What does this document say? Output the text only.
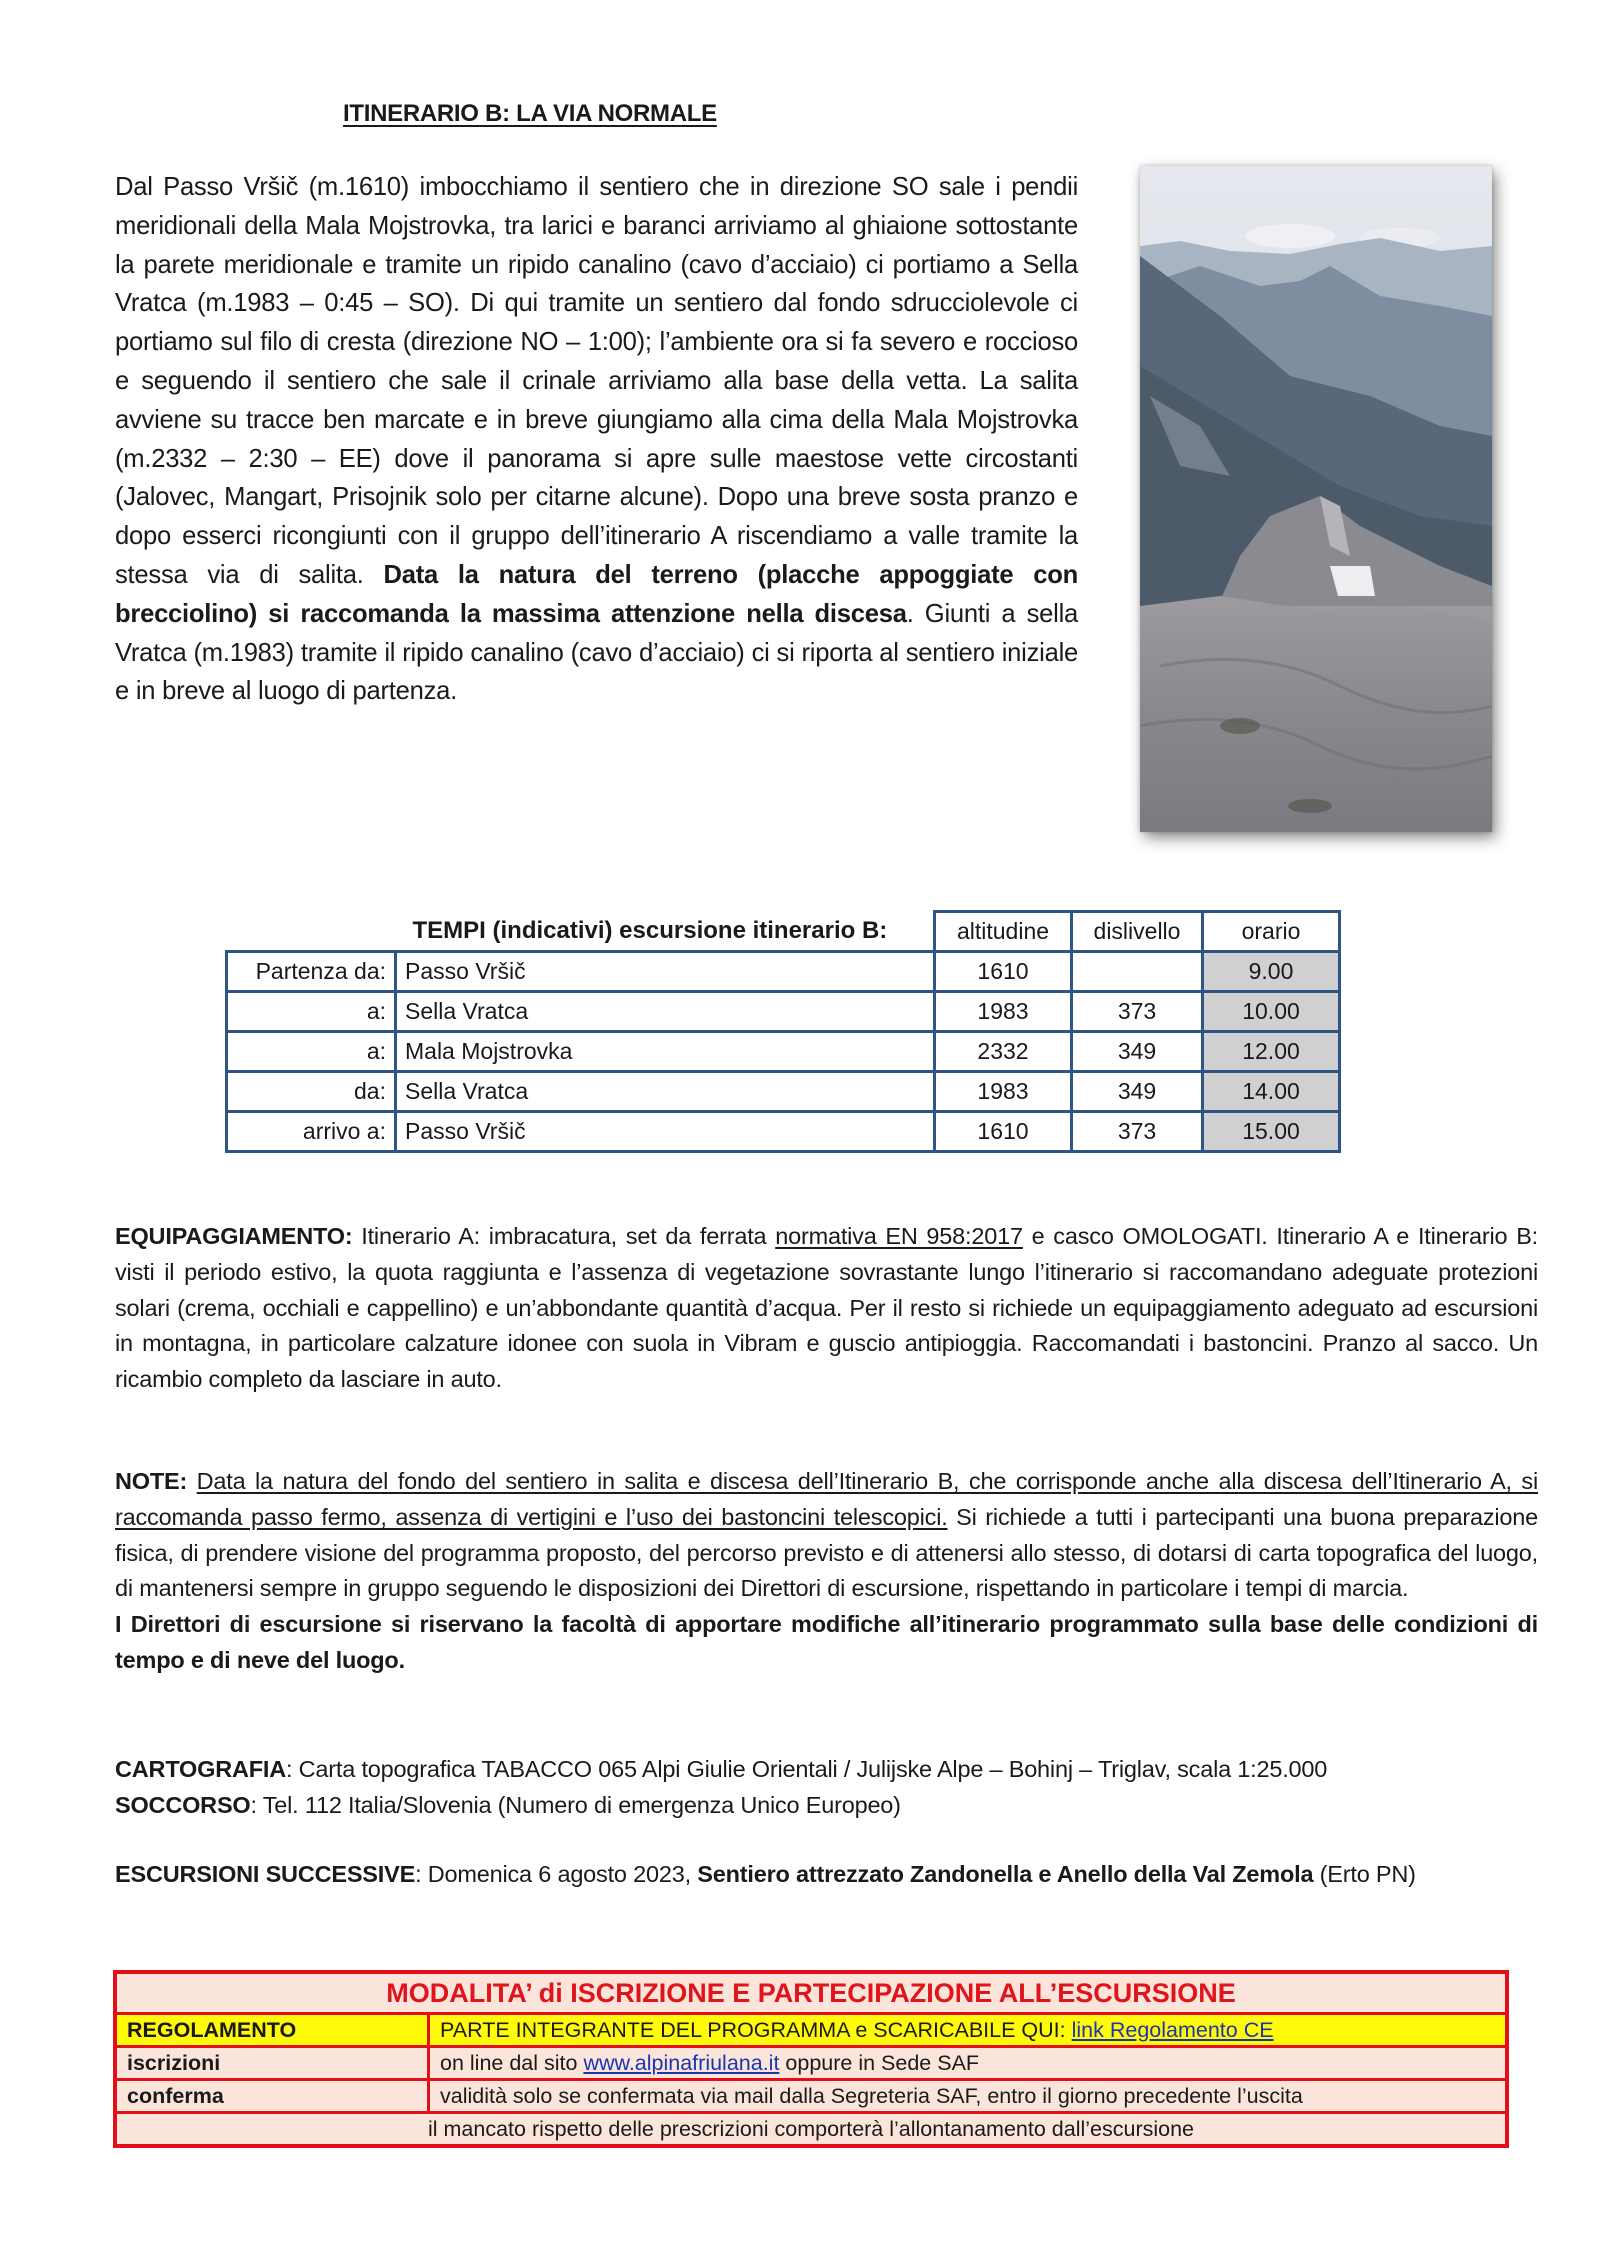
ITINERARIO B: LA VIA NORMALE
Dal Passo Vršič (m.1610) imbocchiamo il sentiero che in direzione SO sale i pendii meridionali della Mala Mojstrovka, tra larici e baranci arriviamo al ghiaione sottostante la parete meridionale e tramite un ripido canalino (cavo d’acciaio) ci portiamo a Sella Vratca (m.1983 – 0:45 – SO). Di qui tramite un sentiero dal fondo sdrucciolevole ci portiamo sul filo di cresta (direzione NO – 1:00); l’ambiente ora si fa severo e roccioso e seguendo il sentiero che sale il crinale arriviamo alla base della vetta. La salita avviene su tracce ben marcate e in breve giungiamo alla cima della Mala Mojstrovka (m.2332 – 2:30 – EE) dove il panorama si apre sulle maestose vette circostanti (Jalovec, Mangart, Prisojnik solo per citarne alcune). Dopo una breve sosta pranzo e dopo esserci ricongiunti con il gruppo dell’itinerario A riscendiamo a valle tramite la stessa via di salita. Data la natura del terreno (placche appoggiate con brecciolino) si raccomanda la massima attenzione nella discesa. Giunti a sella Vratca (m.1983) tramite il ripido canalino (cavo d’acciaio) ci si riporta al sentiero iniziale e in breve al luogo di partenza.
TEMPI (indicativi) escursione itinerario B:		altitudine	dislivello	orario
Partenza da:	Passo Vršič	1610		9.00
a:	Sella Vratca	1983	373	10.00
a:	Mala Mojstrovka	2332	349	12.00
da:	Sella Vratca	1983	349	14.00
arrivo a:	Passo Vršič	1610	373	15.00
EQUIPAGGIAMENTO: Itinerario A: imbracatura, set da ferrata normativa EN 958:2017 e casco OMOLOGATI. Itinerario A e Itinerario B: visti il periodo estivo, la quota raggiunta e l’assenza di vegetazione sovrastante lungo l’itinerario si raccomandano adeguate protezioni solari (crema, occhiali e cappellino) e un’abbondante quantità d’acqua. Per il resto si richiede un equipaggiamento adeguato ad escursioni in montagna, in particolare calzature idonee con suola in Vibram e guscio antipioggia. Raccomandati i bastoncini. Pranzo al sacco. Un ricambio completo da lasciare in auto.
NOTE: Data la natura del fondo del sentiero in salita e discesa dell’Itinerario B, che corrisponde anche alla discesa dell’Itinerario A, si raccomanda passo fermo, assenza di vertigini e l’uso dei bastoncini telescopici. Si richiede a tutti i partecipanti una buona preparazione fisica, di prendere visione del programma proposto, del percorso previsto e di attenersi allo stesso, di dotarsi di carta topografica del luogo, di mantenersi sempre in gruppo seguendo le disposizioni dei Direttori di escursione, rispettando in particolare i tempi di marcia.
I Direttori di escursione si riservano la facoltà di apportare modifiche all’itinerario programmato sulla base delle condizioni di tempo e di neve del luogo.
CARTOGRAFIA: Carta topografica TABACCO 065 Alpi Giulie Orientali / Julijske Alpe – Bohinj – Triglav, scala 1:25.000
SOCCORSO: Tel. 112 Italia/Slovenia (Numero di emergenza Unico Europeo)
ESCURSIONI SUCCESSIVE: Domenica 6 agosto 2023, Sentiero attrezzato Zandonella e Anello della Val Zemola (Erto PN)
MODALITA’ di ISCRIZIONE E PARTECIPAZIONE ALL’ESCURSIONE	
REGOLAMENTO	PARTE INTEGRANTE DEL PROGRAMMA e SCARICABILE QUI: link Regolamento CE
iscrizioni	on line dal sito www.alpinafriulana.it oppure in Sede SAF
conferma	validità solo se confermata via mail dalla Segreteria SAF, entro il giorno precedente l’uscita
il mancato rispetto delle prescrizioni comporterà l’allontanamento dall’escursione	
